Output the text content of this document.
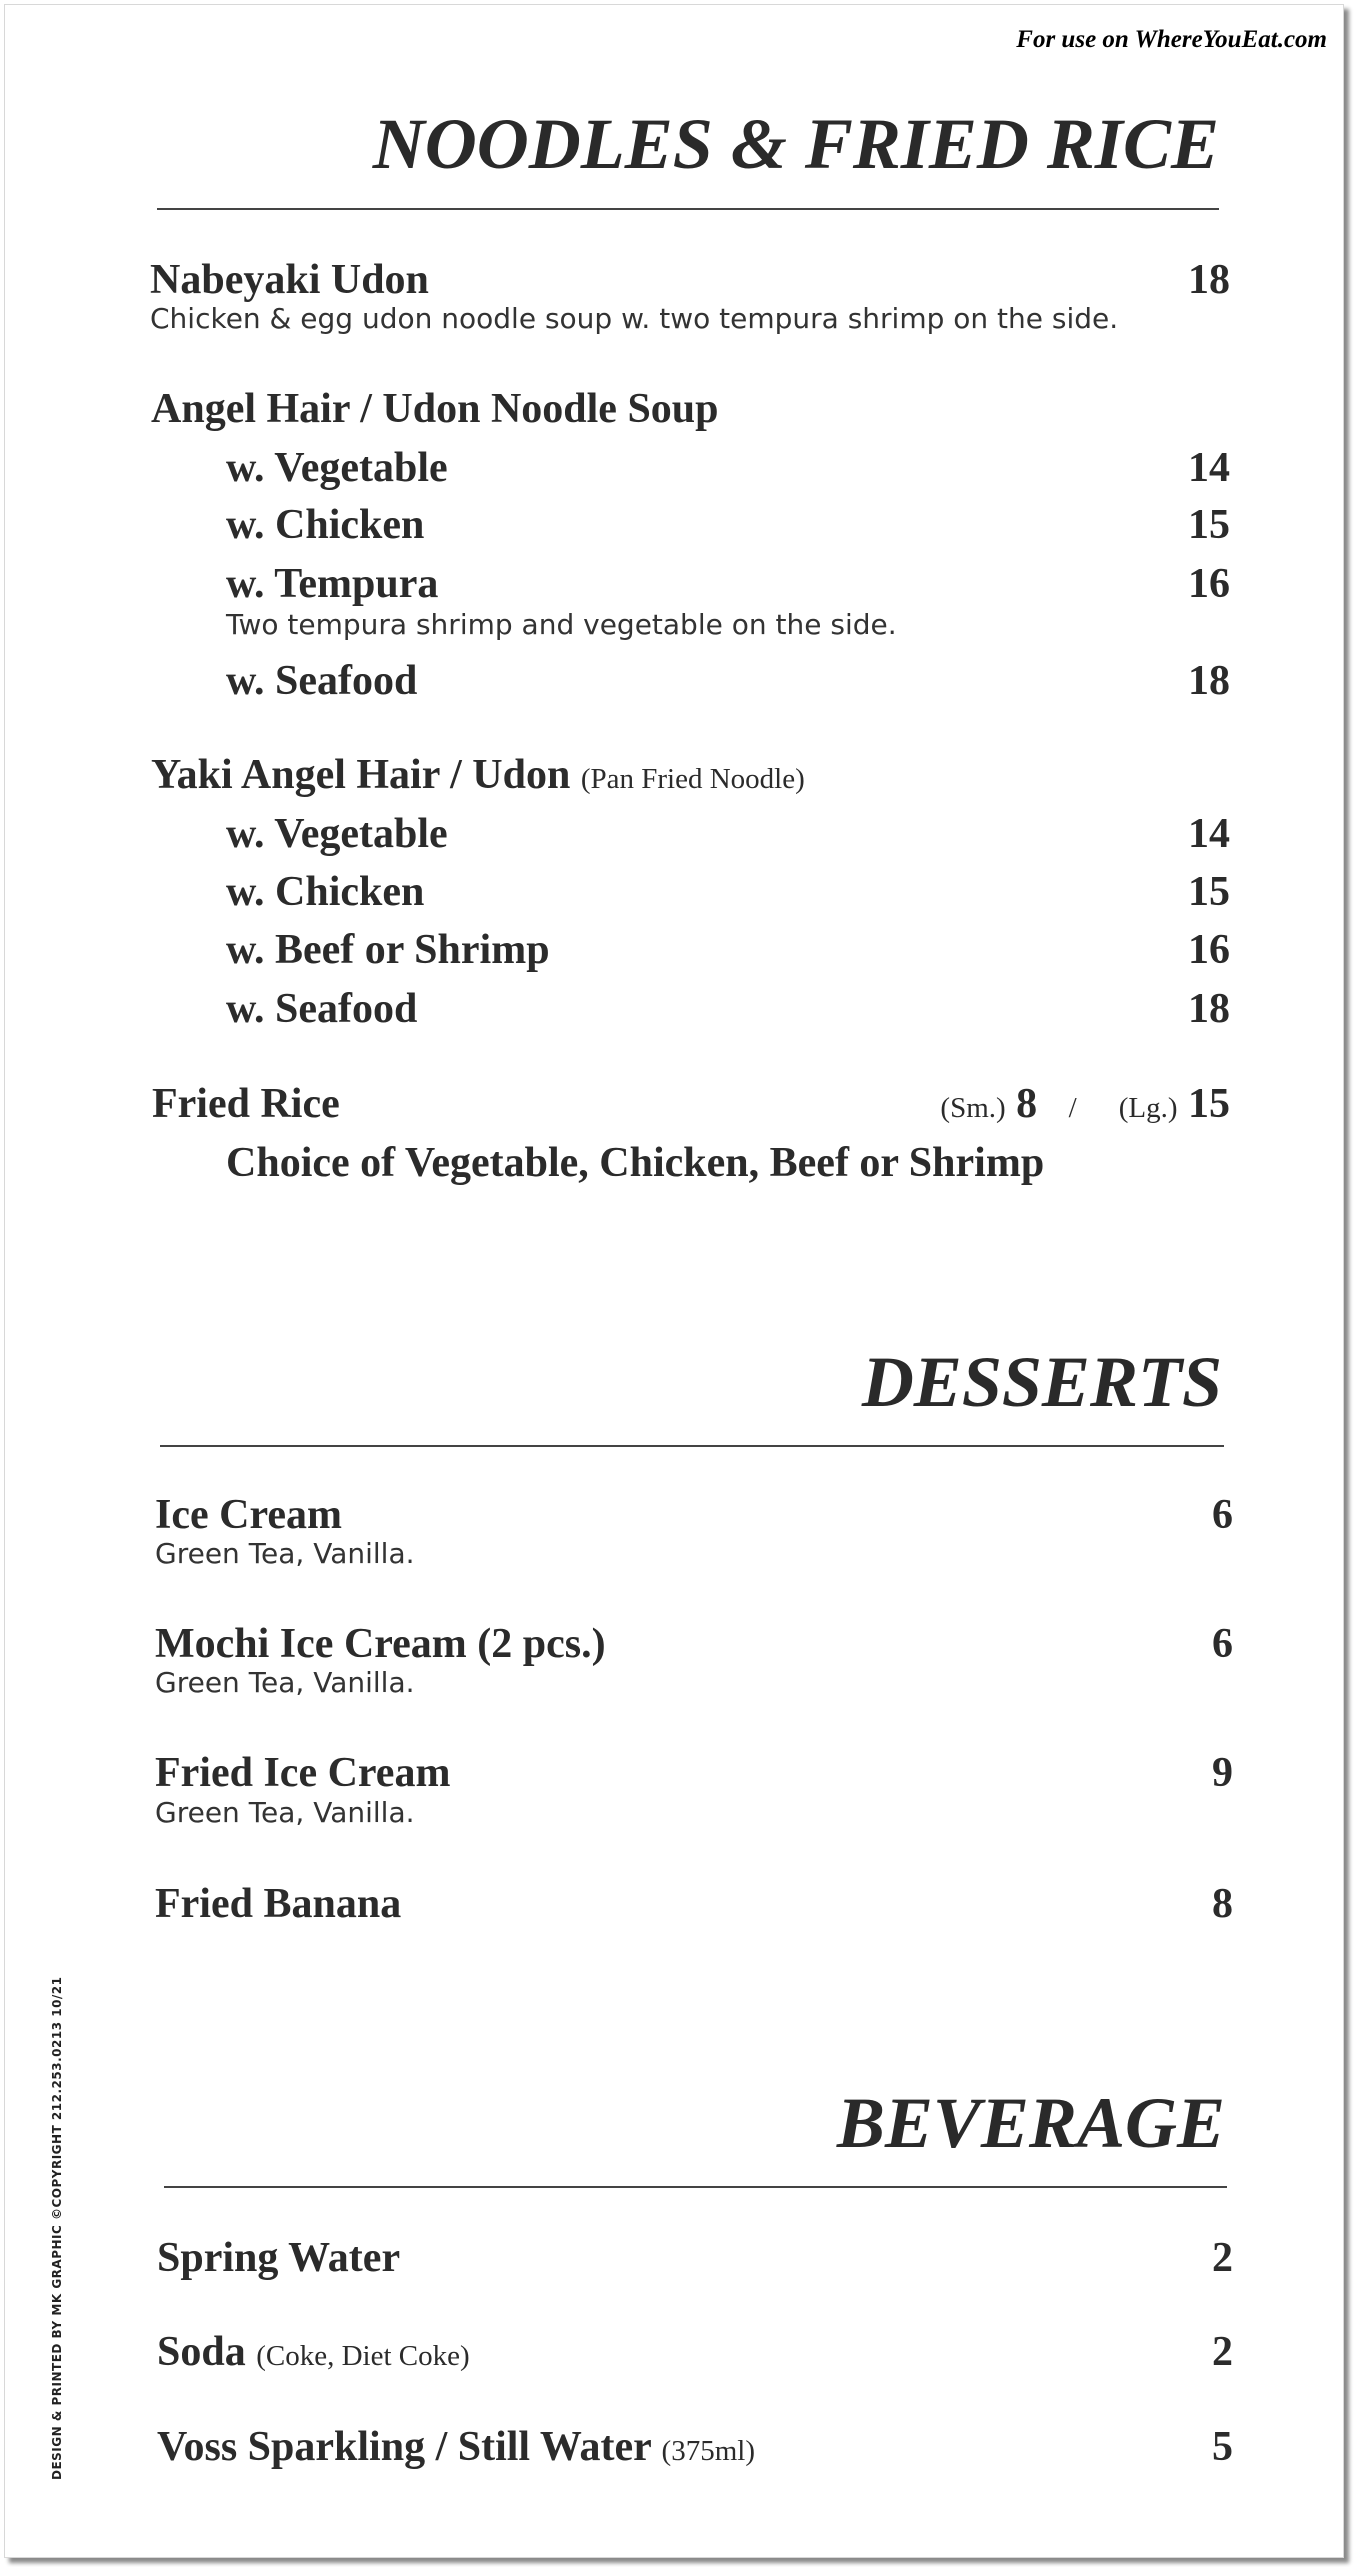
For use on WhereYouEat.com
NOODLES & FRIED RICE
Nabeyaki Udon	18
Chicken & egg udon noodle soup w. two tempura shrimp on the side.
Angel Hair / Udon Noodle Soup
w. Vegetable	14
w. Chicken	15
w. Tempura	16
Two tempura shrimp and vegetable on the side.
w. Seafood	18
Yaki Angel Hair / Udon (Pan Fried Noodle)
w. Vegetable	14
w. Chicken	15
w. Beef or Shrimp	16
w. Seafood	18
Fried Rice	(Sm.) 8 / (Lg.) 15
Choice of Vegetable, Chicken, Beef or Shrimp
DESSERTS
Ice Cream	6
Green Tea, Vanilla.
Mochi Ice Cream (2 pcs.)	6
Green Tea, Vanilla.
Fried Ice Cream	9
Green Tea, Vanilla.
Fried Banana	8
BEVERAGE
Spring Water	2
Soda (Coke, Diet Coke)	2
Voss Sparkling / Still Water (375ml)	5
DESIGN & PRINTED BY MK GRAPHIC ©COPYRIGHT 212.253.0213 10/21
